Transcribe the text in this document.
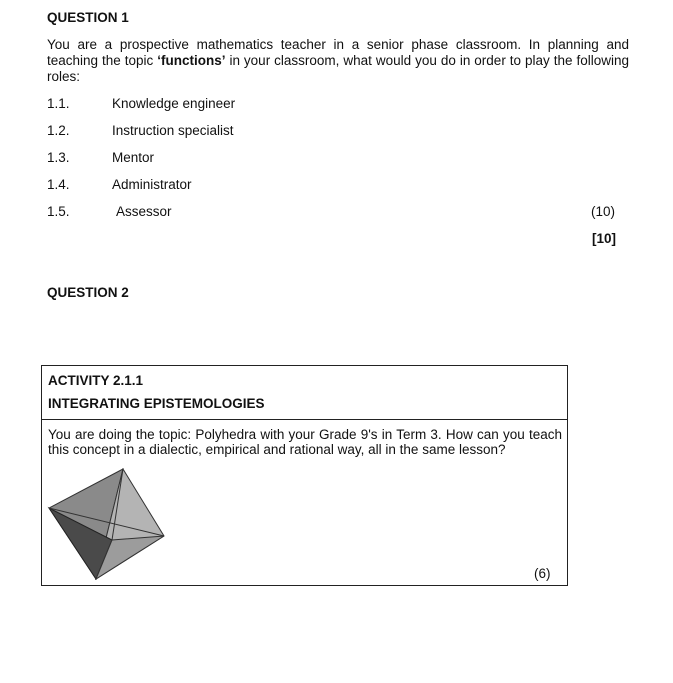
QUESTION 1
You are a prospective mathematics teacher in a senior phase classroom. In planning and teaching the topic ‘functions’ in your classroom, what would you do in order to play the following roles:
1.1.	Knowledge engineer
1.2.	Instruction specialist
1.3.	Mentor
1.4.	Administrator
1.5.	Assessor	(10)
[10]
QUESTION 2
ACTIVITY 2.1.1
INTEGRATING EPISTEMOLOGIES
You are doing the topic: Polyhedra with your Grade 9's in Term 3. How can you teach this concept in a dialectic, empirical and rational way, all in the same lesson?
(6)
